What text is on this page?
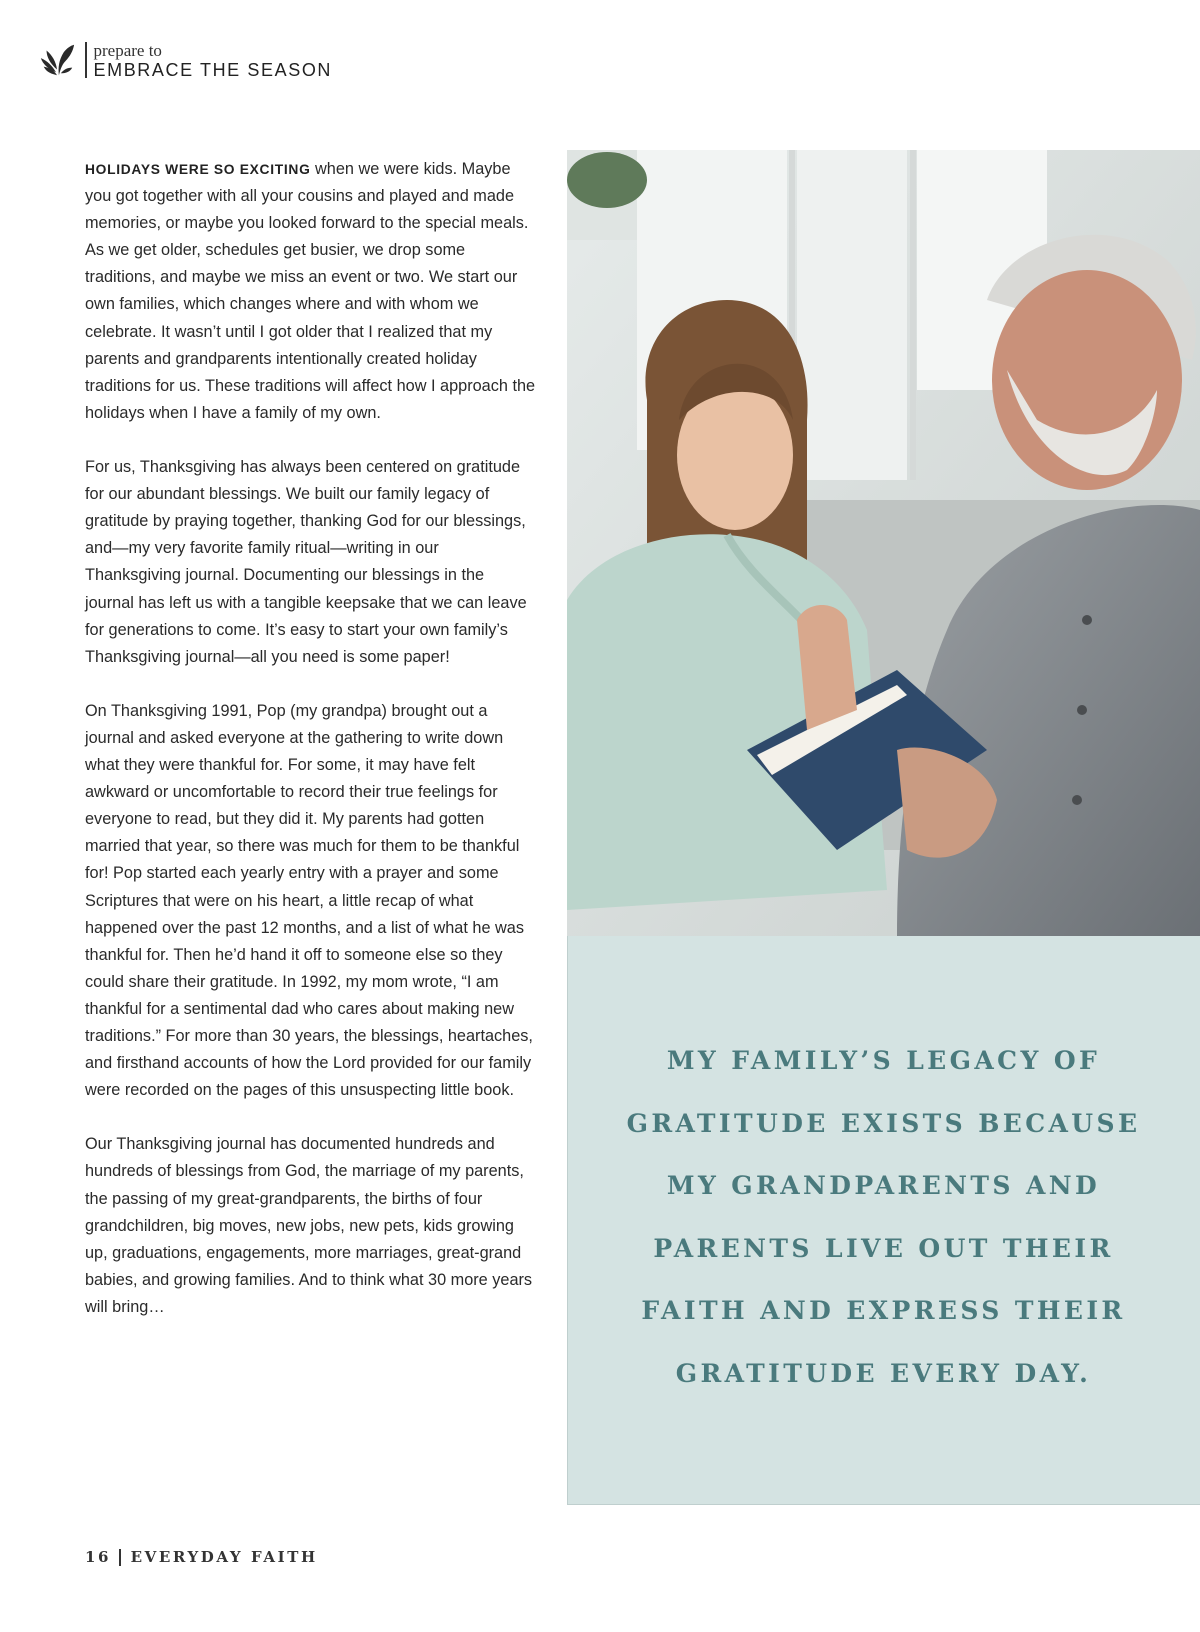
prepare to
EMBRACE THE SEASON

HOLIDAYS WERE SO EXCITING when we were kids. Maybe you got together with all your cousins and played and made memories, or maybe you looked forward to the special meals. As we get older, schedules get busier, we drop some traditions, and maybe we miss an event or two. We start our own families, which changes where and with whom we celebrate. It wasn’t until I got older that I realized that my parents and grandparents intentionally created holiday traditions for us. These traditions will affect how I approach the holidays when I have a family of my own.

For us, Thanksgiving has always been centered on gratitude for our abundant blessings. We built our family legacy of gratitude by praying together, thanking God for our blessings, and—my very favorite family ritual—writing in our Thanksgiving journal. Documenting our blessings in the journal has left us with a tangible keepsake that we can leave for generations to come. It’s easy to start your own family’s Thanksgiving journal—all you need is some paper!

On Thanksgiving 1991, Pop (my grandpa) brought out a journal and asked everyone at the gathering to write down what they were thankful for. For some, it may have felt awkward or uncomfortable to record their true feelings for everyone to read, but they did it. My parents had gotten married that year, so there was much for them to be thankful for! Pop started each yearly entry with a prayer and some Scriptures that were on his heart, a little recap of what happened over the past 12 months, and a list of what he was thankful for. Then he’d hand it off to someone else so they could share their gratitude. In 1992, my mom wrote, “I am thankful for a sentimental dad who cares about making new traditions.” For more than 30 years, the blessings, heartaches, and firsthand accounts of how the Lord provided for our family were recorded on the pages of this unsuspecting little book.

Our Thanksgiving journal has documented hundreds and hundreds of blessings from God, the marriage of my parents, the passing of my great-grandparents, the births of four grandchildren, big moves, new jobs, new pets, kids growing up, graduations, engagements, more marriages, great-grand babies, and growing families. And to think what 30 more years will bring…

MY FAMILY’S LEGACY OF
GRATITUDE EXISTS BECAUSE
MY GRANDPARENTS AND
PARENTS LIVE OUT THEIR
FAITH AND EXPRESS THEIR
GRATITUDE EVERY DAY.
16 EVERYDAY FAITH
